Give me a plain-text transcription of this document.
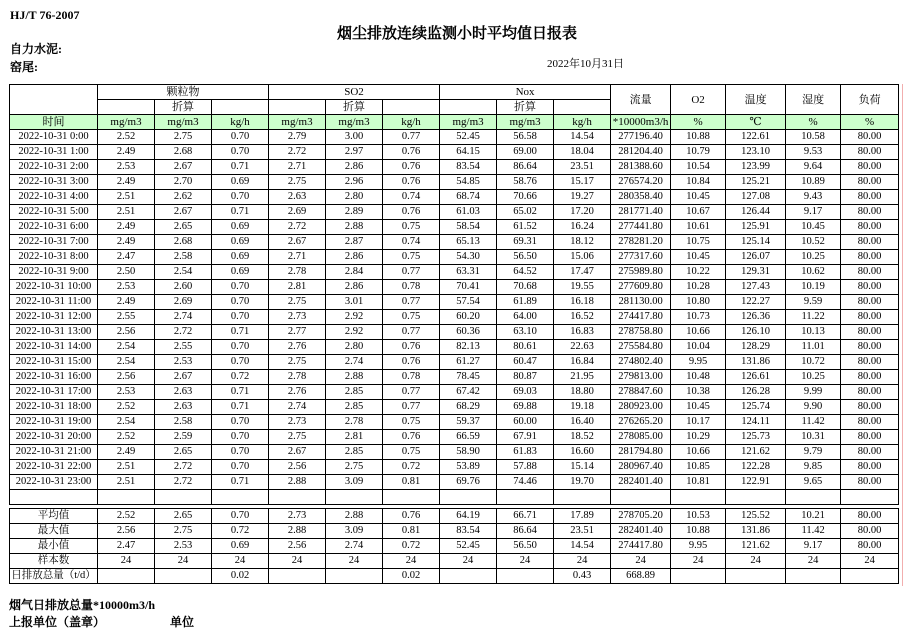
HJ/T 76-2007
烟尘排放连续监测小时平均值日报表
自力水泥:
窑尾:	2022年10月31日
	颗粒物			SO2			Nox			流量	O2	温度	湿度	负荷
		折算			折算			折算						
时间	mg/m3	mg/m3	kg/h	mg/m3	mg/m3	kg/h	mg/m3	mg/m3	kg/h	*10000m3/h	%	℃	%	%
2022-10-31 0:00	2.52	2.75	0.70	2.79	3.00	0.77	52.45	56.58	14.54	277196.40	10.88	122.61	10.58	80.00
2022-10-31 1:00	2.49	2.68	0.70	2.72	2.97	0.76	64.15	69.00	18.04	281204.40	10.79	123.10	9.53	80.00
2022-10-31 2:00	2.53	2.67	0.71	2.71	2.86	0.76	83.54	86.64	23.51	281388.60	10.54	123.99	9.64	80.00
2022-10-31 3:00	2.49	2.70	0.69	2.75	2.96	0.76	54.85	58.76	15.17	276574.20	10.84	125.21	10.89	80.00
2022-10-31 4:00	2.51	2.62	0.70	2.63	2.80	0.74	68.74	70.66	19.27	280358.40	10.45	127.08	9.43	80.00
2022-10-31 5:00	2.51	2.67	0.71	2.69	2.89	0.76	61.03	65.02	17.20	281771.40	10.67	126.44	9.17	80.00
2022-10-31 6:00	2.49	2.65	0.69	2.72	2.88	0.75	58.54	61.52	16.24	277441.80	10.61	125.91	10.45	80.00
2022-10-31 7:00	2.49	2.68	0.69	2.67	2.87	0.74	65.13	69.31	18.12	278281.20	10.75	125.14	10.52	80.00
2022-10-31 8:00	2.47	2.58	0.69	2.71	2.86	0.75	54.30	56.50	15.06	277317.60	10.45	126.07	10.25	80.00
2022-10-31 9:00	2.50	2.54	0.69	2.78	2.84	0.77	63.31	64.52	17.47	275989.80	10.22	129.31	10.62	80.00
2022-10-31 10:00	2.53	2.60	0.70	2.81	2.86	0.78	70.41	70.68	19.55	277609.80	10.28	127.43	10.19	80.00
2022-10-31 11:00	2.49	2.69	0.70	2.75	3.01	0.77	57.54	61.89	16.18	281130.00	10.80	122.27	9.59	80.00
2022-10-31 12:00	2.55	2.74	0.70	2.73	2.92	0.75	60.20	64.00	16.52	274417.80	10.73	126.36	11.22	80.00
2022-10-31 13:00	2.56	2.72	0.71	2.77	2.92	0.77	60.36	63.10	16.83	278758.80	10.66	126.10	10.13	80.00
2022-10-31 14:00	2.54	2.55	0.70	2.76	2.80	0.76	82.13	80.61	22.63	275584.80	10.04	128.29	11.01	80.00
2022-10-31 15:00	2.54	2.53	0.70	2.75	2.74	0.76	61.27	60.47	16.84	274802.40	9.95	131.86	10.72	80.00
2022-10-31 16:00	2.56	2.67	0.72	2.78	2.88	0.78	78.45	80.87	21.95	279813.00	10.48	126.61	10.25	80.00
2022-10-31 17:00	2.53	2.63	0.71	2.76	2.85	0.77	67.42	69.03	18.80	278847.60	10.38	126.28	9.99	80.00
2022-10-31 18:00	2.52	2.63	0.71	2.74	2.85	0.77	68.29	69.88	19.18	280923.00	10.45	125.74	9.90	80.00
2022-10-31 19:00	2.54	2.58	0.70	2.73	2.78	0.75	59.37	60.00	16.40	276265.20	10.17	124.11	11.42	80.00
2022-10-31 20:00	2.52	2.59	0.70	2.75	2.81	0.76	66.59	67.91	18.52	278085.00	10.29	125.73	10.31	80.00
2022-10-31 21:00	2.49	2.65	0.70	2.67	2.85	0.75	58.90	61.83	16.60	281794.80	10.66	121.62	9.79	80.00
2022-10-31 22:00	2.51	2.72	0.70	2.56	2.75	0.72	53.89	57.88	15.14	280967.40	10.85	122.28	9.85	80.00
2022-10-31 23:00	2.51	2.72	0.71	2.88	3.09	0.81	69.76	74.46	19.70	282401.40	10.81	122.91	9.65	80.00

平均值	2.52	2.65	0.70	2.73	2.88	0.76	64.19	66.71	17.89	278705.20	10.53	125.52	10.21	80.00
最大值	2.56	2.75	0.72	2.88	3.09	0.81	83.54	86.64	23.51	282401.40	10.88	131.86	11.42	80.00
最小值	2.47	2.53	0.69	2.56	2.74	0.72	52.45	56.50	14.54	274417.80	9.95	121.62	9.17	80.00
样本数	24	24	24	24	24	24	24	24	24	24	24	24	24	24
日排放总量（t/d）			0.02			0.02			0.43	668.89				
烟气日排放总量*10000m3/h
上报单位（盖章）	单位
